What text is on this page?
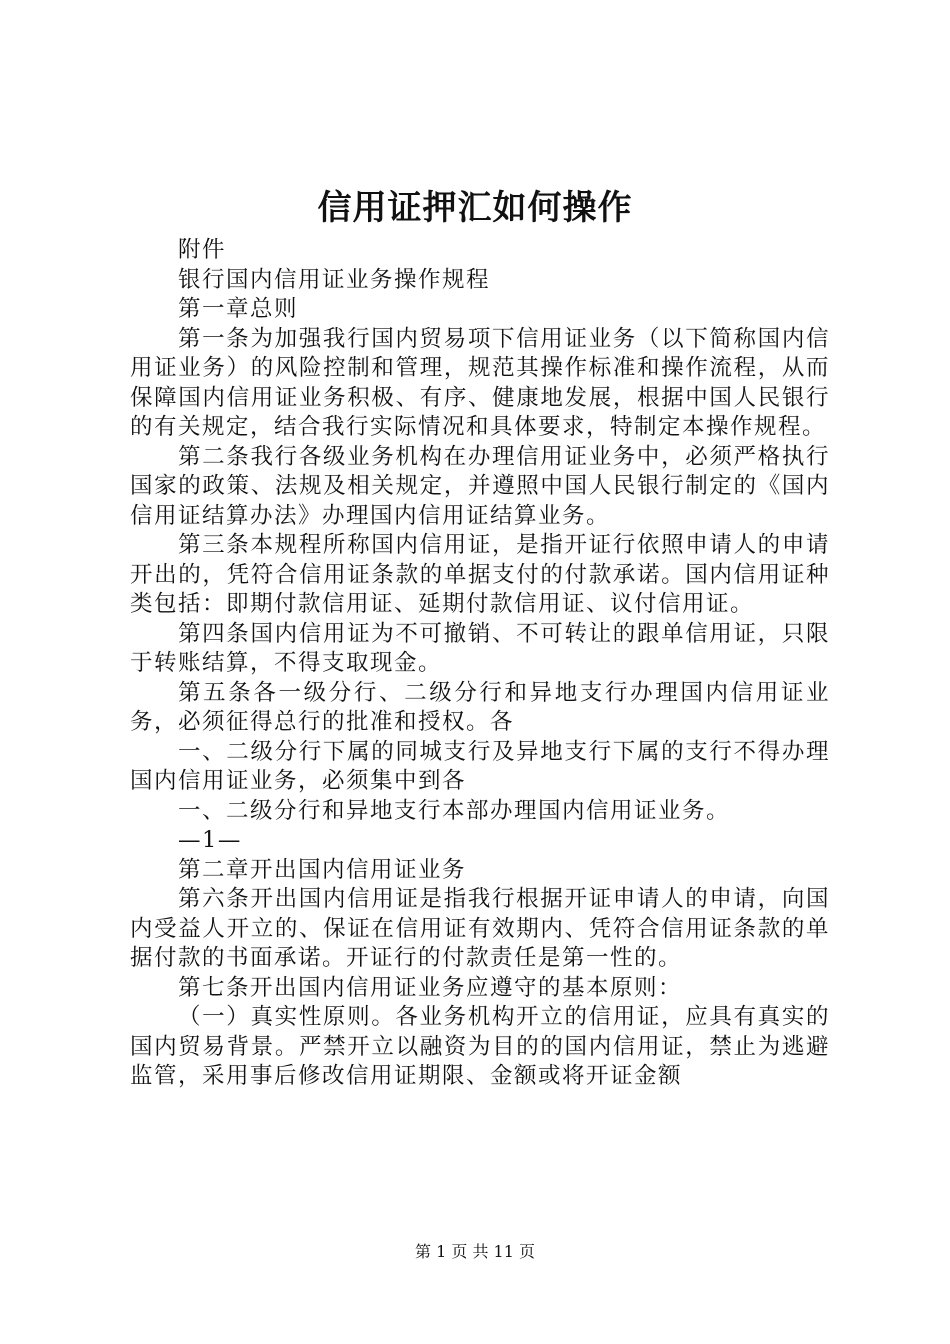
信用证押汇如何操作

附件

银行国内信用证业务操作规程

第一章总则

第一条为加强我行国内贸易项下信用证业务（以下简称国内信用证业务）的风险控制和管理，规范其操作标准和操作流程，从而保障国内信用证业务积极、有序、健康地发展，根据中国人民银行的有关规定，结合我行实际情况和具体要求，特制定本操作规程。

第二条我行各级业务机构在办理信用证业务中，必须严格执行国家的政策、法规及相关规定，并遵照中国人民银行制定的《国内信用证结算办法》办理国内信用证结算业务。

第三条本规程所称国内信用证，是指开证行依照申请人的申请开出的，凭符合信用证条款的单据支付的付款承诺。国内信用证种类包括：即期付款信用证、延期付款信用证、议付信用证。

第四条国内信用证为不可撤销、不可转让的跟单信用证，只限于转账结算，不得支取现金。

第五条各一级分行、二级分行和异地支行办理国内信用证业务，必须征得总行的批准和授权。各

一、二级分行下属的同城支行及异地支行下属的支行不得办理国内信用证业务，必须集中到各

一、二级分行和异地支行本部办理国内信用证业务。

—1—

第二章开出国内信用证业务

第六条开出国内信用证是指我行根据开证申请人的申请，向国内受益人开立的、保证在信用证有效期内、凭符合信用证条款的单据付款的书面承诺。开证行的付款责任是第一性的。

第七条开出国内信用证业务应遵守的基本原则：

（一）真实性原则。各业务机构开立的信用证，应具有真实的国内贸易背景。严禁开立以融资为目的的国内信用证，禁止为逃避监管，采用事后修改信用证期限、金额或将开证金额

第 1 页 共 11 页
